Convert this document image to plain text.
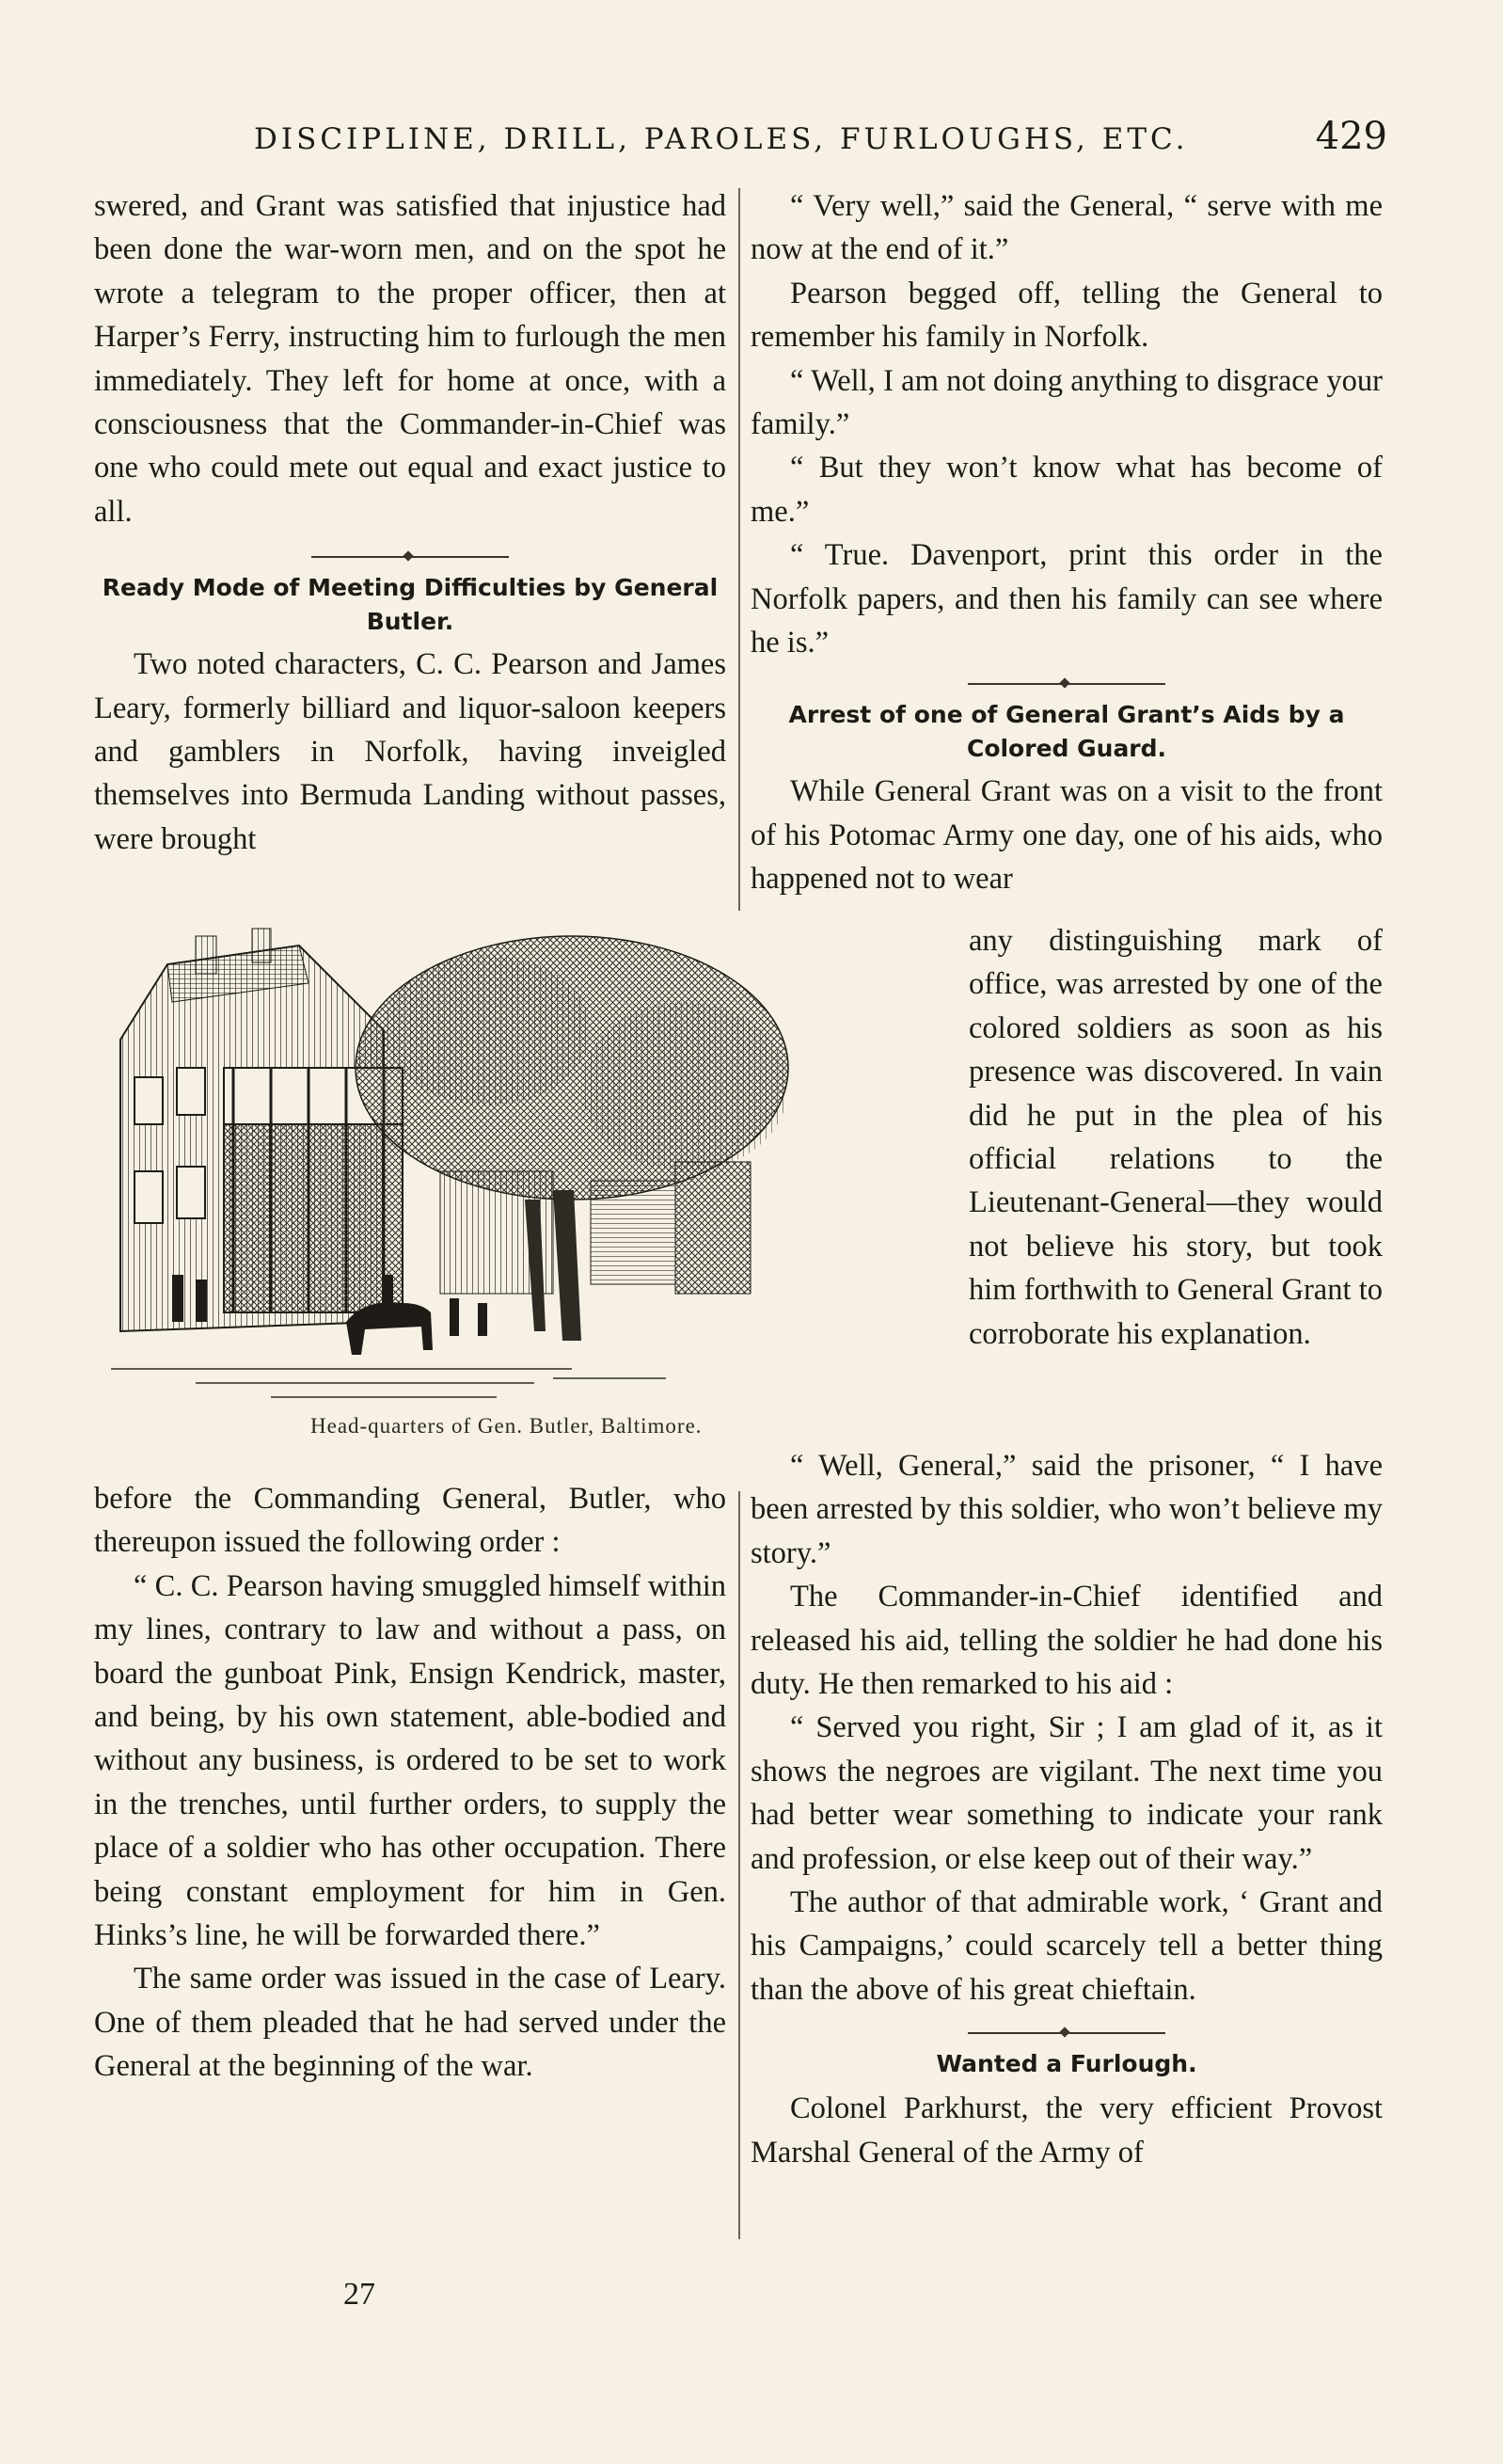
DISCIPLINE, DRILL, PAROLES, FURLOUGHS, ETC.	429

swered, and Grant was satisfied that injustice had been done the war-worn men, and on the spot he wrote a telegram to the proper officer, then at Harper’s Ferry, instructing him to furlough the men immediately. They left for home at once, with a consciousness that the Commander-in-Chief was one who could mete out equal and exact justice to all.

Ready Mode of Meeting Difficulties by General Butler.

Two noted characters, C. C. Pearson and James Leary, formerly billiard and liquor-saloon keepers and gamblers in Norfolk, having inveigled themselves into Bermuda Landing without passes, were brought

“ Very well,” said the General, “ serve with me now at the end of it.”

Pearson begged off, telling the General to remember his family in Norfolk.

“ Well, I am not doing anything to disgrace your family.”

“ But they won’t know what has become of me.”

“ True. Davenport, print this order in the Norfolk papers, and then his family can see where he is.”

Arrest of one of General Grant’s Aids by a Colored Guard.

While General Grant was on a visit to the front of his Potomac Army one day, one of his aids, who happened not to wear

Head-quarters of Gen. Butler, Baltimore.

any distinguishing mark of office, was arrested by one of the colored soldiers as soon as his presence was discovered. In vain did he put in the plea of his official relations to the Lieutenant-General—they would not believe his story, but took him forthwith to General Grant to corroborate his explanation.

before the Commanding General, Butler, who thereupon issued the following order :

“ C. C. Pearson having smuggled himself within my lines, contrary to law and without a pass, on board the gunboat Pink, Ensign Kendrick, master, and being, by his own statement, able-bodied and without any business, is ordered to be set to work in the trenches, until further orders, to supply the place of a soldier who has other occupation. There being constant employment for him in Gen. Hinks’s line, he will be forwarded there.”

The same order was issued in the case of Leary. One of them pleaded that he had served under the General at the beginning of the war.

“ Well, General,” said the prisoner, “ I have been arrested by this soldier, who won’t believe my story.”

The Commander-in-Chief identified and released his aid, telling the soldier he had done his duty. He then remarked to his aid :

“ Served you right, Sir ; I am glad of it, as it shows the negroes are vigilant. The next time you had better wear something to indicate your rank and profession, or else keep out of their way.”

The author of that admirable work, ‘ Grant and his Campaigns,’ could scarcely tell a better thing than the above of his great chieftain.

Wanted a Furlough.

Colonel Parkhurst, the very efficient Provost Marshal General of the Army of

27
